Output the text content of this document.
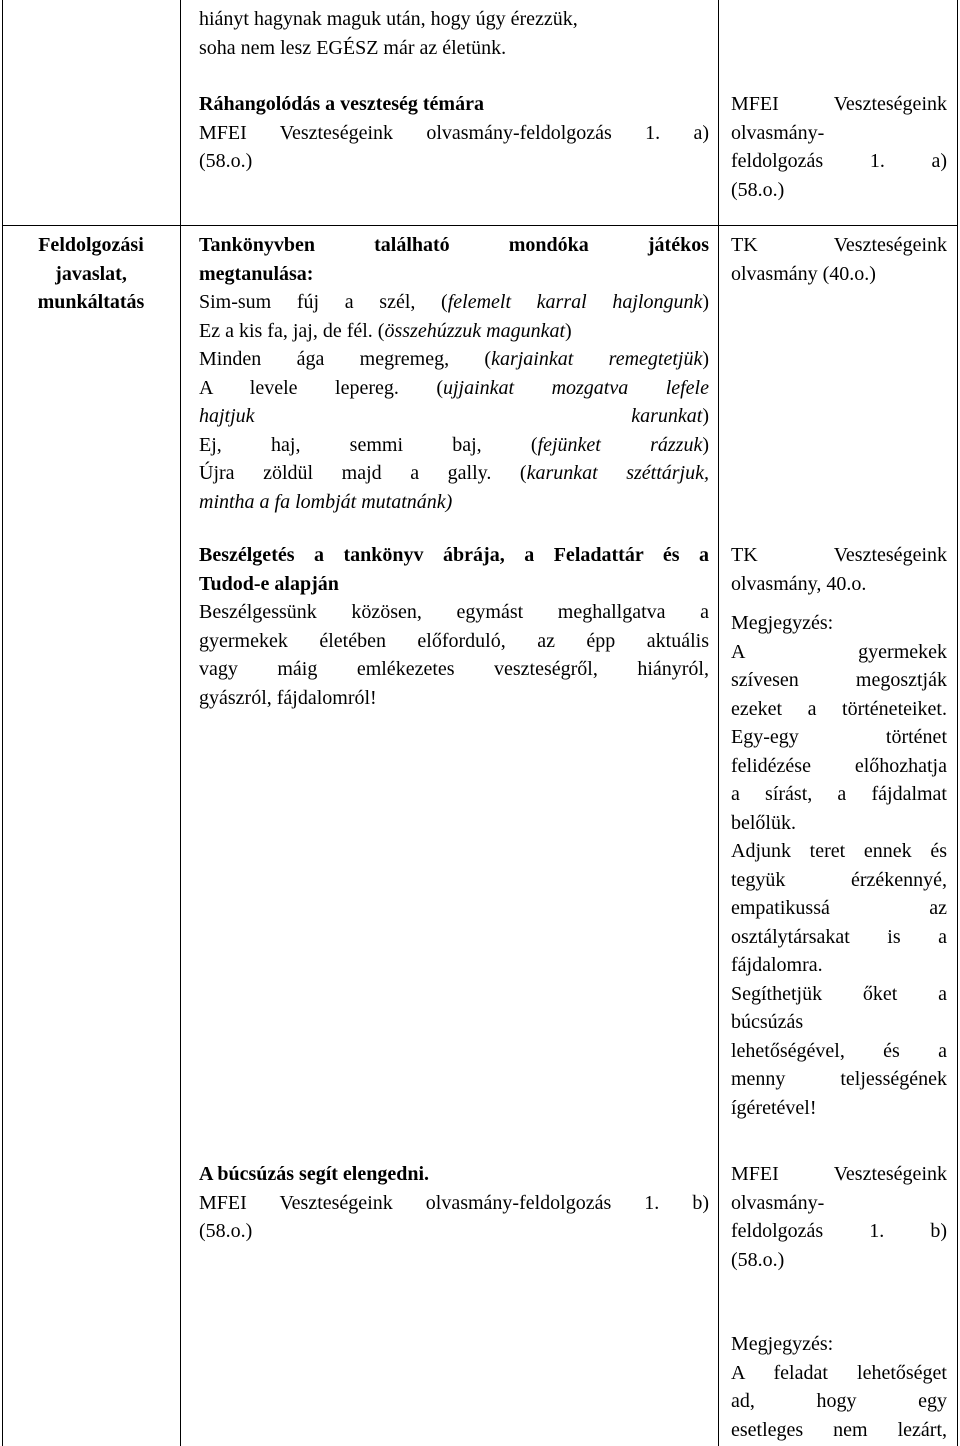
hiányt hagynak maguk után, hogy úgy érezzük,
soha nem lesz EGÉSZ már az életünk.
Ráhangolódás a veszteség témára
MFEI Veszteségeink olvasmány-feldolgozás 1. a)
(58.o.)
MFEI Veszteségeink
olvasmány-
feldolgozás 1. a)
(58.o.)
Feldolgozási
javaslat,
munkáltatás
Tankönyvben található mondóka játékos
megtanulása:
Sim-sum fúj a szél, (felemelt karral hajlongunk)
Ez a kis fa, jaj, de fél. (összehúzzuk magunkat)
Minden ága megremeg, (karjainkat remegtetjük)
A levele lepereg. (ujjainkat mozgatva lefele
hajtjuk karunkat)
Ej, haj, semmi baj, (fejünket rázzuk)
Újra zöldül majd a gally. (karunkat széttárjuk,
mintha a fa lombját mutatnánk)
TK Veszteségeink
olvasmány (40.o.)
Beszélgetés a tankönyv ábrája, a Feladattár és a
Tudod-e alapján
Beszélgessünk közösen, egymást meghallgatva a
gyermekek életében előforduló, az épp aktuális
vagy máig emlékezetes veszteségről, hiányról,
gyászról, fájdalomról!
TK Veszteségeink
olvasmány, 40.o.
Megjegyzés:
A gyermekek
szívesen megosztják
ezeket a történeteiket.
Egy-egy történet
felidézése előhozhatja
a sírást, a fájdalmat
belőlük.
Adjunk teret ennek és
tegyük érzékennyé,
empatikussá az
osztálytársakat is a
fájdalomra.
Segíthetjük őket a
búcsúzás
lehetőségével, és a
menny teljességének
ígéretével!
A búcsúzás segít elengedni.
MFEI Veszteségeink olvasmány-feldolgozás 1. b)
(58.o.)
MFEI Veszteségeink
olvasmány-
feldolgozás 1. b)
(58.o.)
Megjegyzés:
A feladat lehetőséget
ad, hogy egy
esetleges nem lezárt,
